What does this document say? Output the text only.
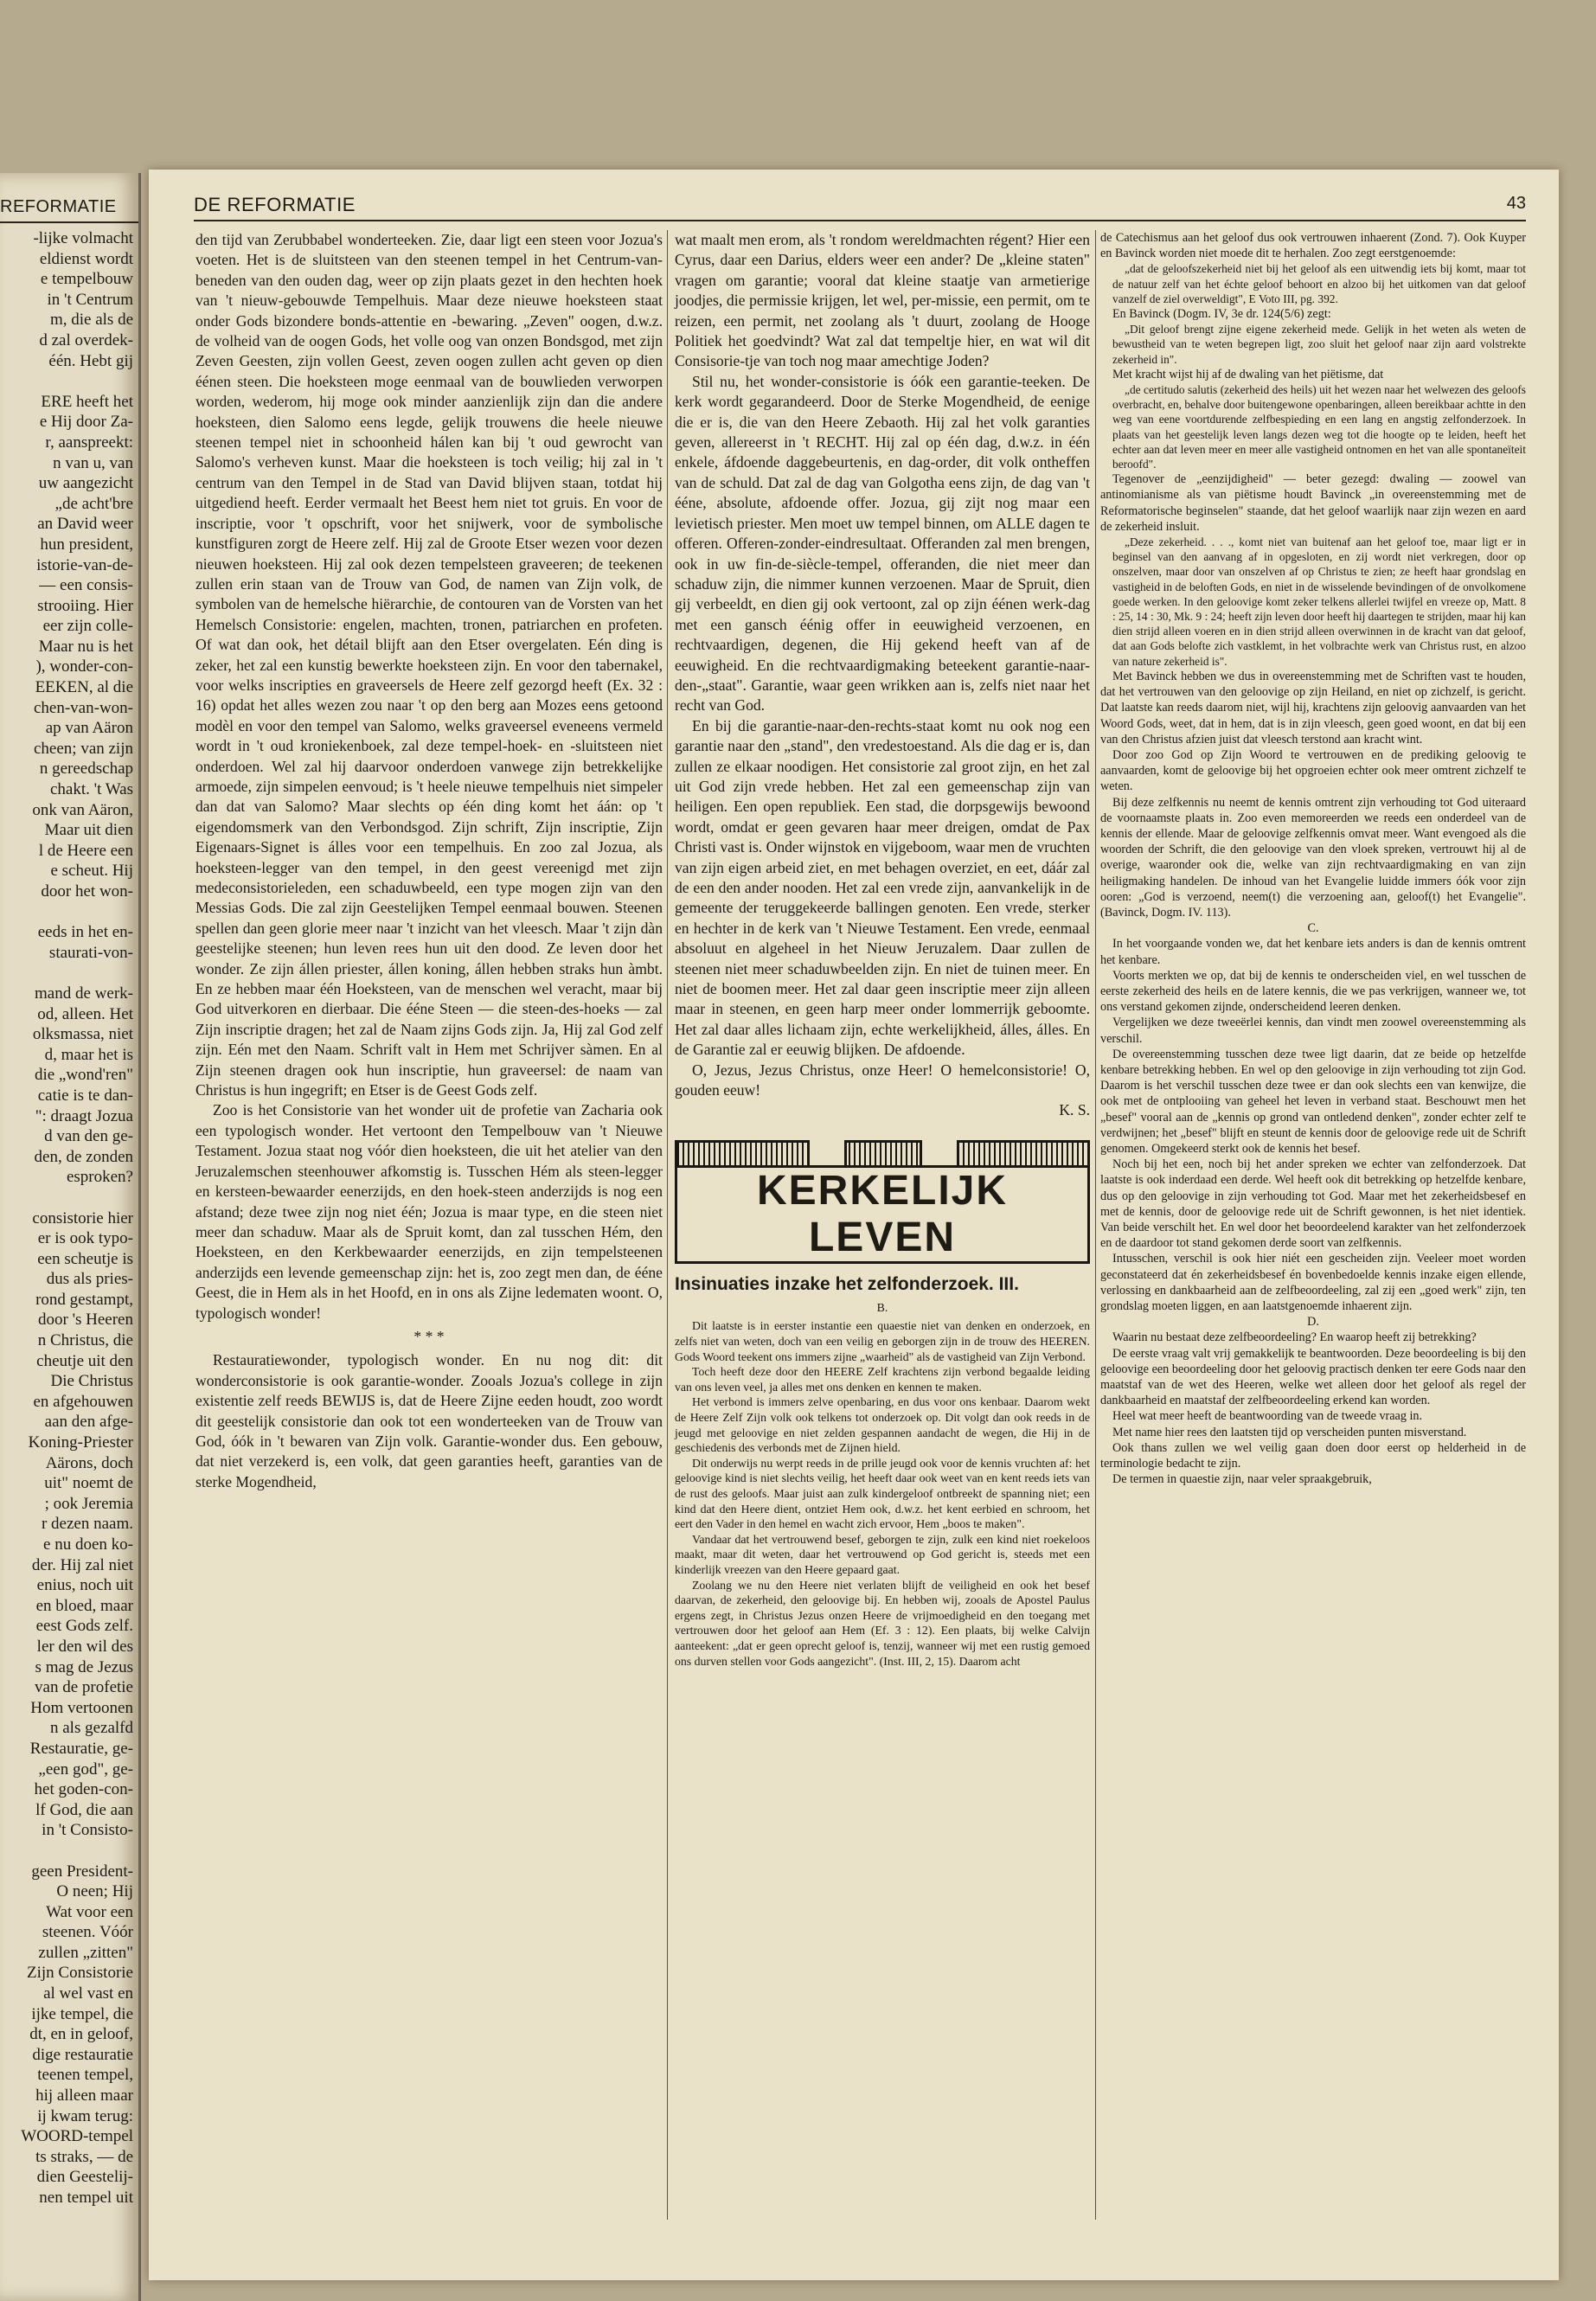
REFORMATIE
-lijke volmacht
eldienst wordt
e tempelbouw
in 't Centrum
m, die als de
d zal overdek-
één. Hebt gij
ERE heeft het
e Hij door Za-
r, aanspreekt:
n van u, van
uw aangezicht
„de acht'bre
an David weer
hun president,
istorie-van-de-
— een consis-
strooiing. Hier
eer zijn colle-
Maar nu is het
), wonder-con-
EEKEN, al die
chen-van-won-
ap van Aäron
cheen; van zijn
n gereedschap
chakt. 't Was
onk van Aäron,
Maar uit dien
l de Heere een
e scheut. Hij
door het won-
eeds in het en-
staurati-von-
mand de werk-
od, alleen. Het
olksmassa, niet
d, maar het is
die „wond'ren"
catie is te dan-
": draagt Jozua
d van den ge-
den, de zonden
esproken?
consistorie hier
er is ook typo-
een scheutje is
dus als pries-
rond gestampt,
door 's Heeren
n Christus, die
cheutje uit den
Die Christus
en afgehouwen
aan den afge-
Koning-Priester
Aärons, doch
uit" noemt de
; ook Jeremia
r dezen naam.
e nu doen ko-
der. Hij zal niet
enius, noch uit
en bloed, maar
eest Gods zelf.
ler den wil des
s mag de Jezus
van de profetie
Hom vertoonen
n als gezalfd
Restauratie, ge-
„een god", ge-
het goden-con-
lf God, die aan
in 't Consisto-
geen President-
O neen; Hij
Wat voor een
steenen. Vóór
zullen „zitten"
Zijn Consistorie
al wel vast en
ijke tempel, die
dt, en in geloof,
dige restauratie
teenen tempel,
hij alleen maar
ij kwam terug:
WOORD-tempel
ts straks, — de
dien Geestelij-
nen tempel uit
DE REFORMATIE	43

den tijd van Zerubbabel wonderteeken. Zie, daar ligt een steen voor Jozua's voeten. Het is de sluitsteen van den steenen tempel in het Centrum-van-beneden van den ouden dag, weer op zijn plaats gezet in den hechten hoek van 't nieuw-gebouwde Tempelhuis. Maar deze nieuwe hoeksteen staat onder Gods bizondere bonds-attentie en -bewaring. „Zeven" oogen, d.w.z. de volheid van de oogen Gods, het volle oog van onzen Bondsgod, met zijn Zeven Geesten, zijn vollen Geest, zeven oogen zullen acht geven op dien éénen steen. Die hoeksteen moge eenmaal van de bouwlieden verworpen worden, wederom, hij moge ook minder aanzienlijk zijn dan die andere hoeksteen, dien Salomo eens legde, gelijk trouwens die heele nieuwe steenen tempel niet in schoonheid hálen kan bij 't oud gewrocht van Salomo's verheven kunst. Maar die hoeksteen is toch veilig; hij zal in 't centrum van den Tempel in de Stad van David blijven staan, totdat hij uitgediend heeft. Eerder vermaalt het Beest hem niet tot gruis. En voor de inscriptie, voor 't opschrift, voor het snijwerk, voor de symbolische kunstfiguren zorgt de Heere zelf. Hij zal de Groote Etser wezen voor dezen nieuwen hoeksteen. Hij zal ook dezen tempelsteen graveeren; de teekenen zullen erin staan van de Trouw van God, de namen van Zijn volk, de symbolen van de hemelsche hiërarchie, de contouren van de Vorsten van het Hemelsch Consistorie: engelen, machten, tronen, patriarchen en profeten. Of wat dan ook, het détail blijft aan den Etser overgelaten. Eén ding is zeker, het zal een kunstig bewerkte hoeksteen zijn. En voor den tabernakel, voor welks inscripties en graveersels de Heere zelf gezorgd heeft (Ex. 32 : 16) opdat het alles wezen zou naar 't op den berg aan Mozes eens getoond modèl en voor den tempel van Salomo, welks graveersel eveneens vermeld wordt in 't oud kroniekenboek, zal deze tempel-hoek- en -sluitsteen niet onderdoen. Wel zal hij daarvoor onderdoen vanwege zijn betrekkelijke armoede, zijn simpelen eenvoud; is 't heele nieuwe tempelhuis niet simpeler dan dat van Salomo? Maar slechts op één ding komt het áán: op 't eigendomsmerk van den Verbondsgod. Zijn schrift, Zijn inscriptie, Zijn Eigenaars-Signet is álles voor een tempelhuis. En zoo zal Jozua, als hoeksteen-legger van den tempel, in den geest vereenigd met zijn medeconsistorieleden, een schaduwbeeld, een type mogen zijn van den Messias Gods. Die zal zijn Geestelijken Tempel eenmaal bouwen. Steenen spellen dan geen glorie meer naar 't inzicht van het vleesch. Maar 't zijn dàn geestelijke steenen; hun leven rees hun uit den dood. Ze leven door het wonder. Ze zijn állen priester, állen koning, állen hebben straks hun àmbt. En ze hebben maar één Hoeksteen, van de menschen wel veracht, maar bij God uitverkoren en dierbaar. Die ééne Steen — die steen-des-hoeks — zal Zijn inscriptie dragen; het zal de Naam zijns Gods zijn. Ja, Hij zal God zelf zijn. Eén met den Naam. Schrift valt in Hem met Schrijver sàmen. En al Zijn steenen dragen ook hun inscriptie, hun graveersel: de naam van Christus is hun ingegrift; en Etser is de Geest Gods zelf.

Zoo is het Consistorie van het wonder uit de profetie van Zacharia ook een typologisch wonder. Het vertoont den Tempelbouw van 't Nieuwe Testament. Jozua staat nog vóór dien hoeksteen, die uit het atelier van den Jeruzalemschen steenhouwer afkomstig is. Tusschen Hém als steen-legger en kersteen-bewaarder eenerzijds, en den hoek-steen anderzijds is nog een afstand; deze twee zijn nog niet één; Jozua is maar type, en die steen niet meer dan schaduw. Maar als de Spruit komt, dan zal tusschen Hém, den Hoeksteen, en den Kerkbewaarder eenerzijds, en zijn tempelsteenen anderzijds een levende gemeenschap zijn: het is, zoo zegt men dan, de ééne Geest, die in Hem als in het Hoofd, en in ons als Zijne ledematen woont. O, typologisch wonder!

* * *

Restauratiewonder, typologisch wonder. En nu nog dit: dit wonderconsistorie is ook garantie-wonder. Zooals Jozua's college in zijn existentie zelf reeds BEWIJS is, dat de Heere Zijne eeden houdt, zoo wordt dit geestelijk consistorie dan ook tot een wonderteeken van de Trouw van God, óók in 't bewaren van Zijn volk. Garantie-wonder dus. Een gebouw, dat niet verzekerd is, een volk, dat geen garanties heeft, garanties van de sterke Mogendheid,

wat maalt men erom, als 't rondom wereldmachten régent? Hier een Cyrus, daar een Darius, elders weer een ander? De „kleine staten" vragen om garantie; vooral dat kleine staatje van armetierige joodjes, die permissie krijgen, let wel, per-missie, een permit, om te reizen, een permit, net zoolang als 't duurt, zoolang de Hooge Politiek het goedvindt? Wat zal dat tempeltje hier, en wat wil dit Consisorie-tje van toch nog maar amechtige Joden?

Stil nu, het wonder-consistorie is óók een garantie-teeken. De kerk wordt gegarandeerd. Door de Sterke Mogendheid, de eenige die er is, die van den Heere Zebaoth. Hij zal het volk garanties geven, allereerst in 't RECHT. Hij zal op één dag, d.w.z. in één enkele, áfdoende daggebeurtenis, en dag-order, dit volk ontheffen van de schuld. Dat zal de dag van Golgotha eens zijn, de dag van 't ééne, absolute, afdoende offer. Jozua, gij zijt nog maar een levietisch priester. Men moet uw tempel binnen, om ALLE dagen te offeren. Offeren-zonder-eindresultaat. Offeranden zal men brengen, ook in uw fin-de-siècle-tempel, offeranden, die niet meer dan schaduw zijn, die nimmer kunnen verzoenen. Maar de Spruit, dien gij verbeeldt, en dien gij ook vertoont, zal op zijn éénen werk-dag met een gansch éénig offer in eeuwigheid verzoenen, en rechtvaardigen, degenen, die Hij gekend heeft van af de eeuwigheid. En die rechtvaardigmaking beteekent garantie-naar-den-„staat". Garantie, waar geen wrikken aan is, zelfs niet naar het recht van God.

En bij die garantie-naar-den-rechts-staat komt nu ook nog een garantie naar den „stand", den vredestoestand. Als die dag er is, dan zullen ze elkaar noodigen. Het consistorie zal groot zijn, en het zal uit God zijn vrede hebben. Het zal een gemeenschap zijn van heiligen. Een open republiek. Een stad, die dorpsgewijs bewoond wordt, omdat er geen gevaren haar meer dreigen, omdat de Pax Christi vast is. Onder wijnstok en vijgeboom, waar men de vruchten van zijn eigen arbeid ziet, en met behagen overziet, en eet, dáár zal de een den ander nooden. Het zal een vrede zijn, aanvankelijk in de gemeente der teruggekeerde ballingen genoten. Een vrede, sterker en hechter in de kerk van 't Nieuwe Testament. Een vrede, eenmaal absoluut en algeheel in het Nieuw Jeruzalem. Daar zullen de steenen niet meer schaduwbeelden zijn. En niet de tuinen meer. En niet de boomen meer. Het zal daar geen inscriptie meer zijn alleen maar in steenen, en geen harp meer onder lommerrijk geboomte. Het zal daar alles lichaam zijn, echte werkelijkheid, álles, álles. En de Garantie zal er eeuwig blijken. De afdoende.

O, Jezus, Jezus Christus, onze Heer! O hemelconsistorie! O, gouden eeuw!

K. S.
KERKELIJK LEVEN

Insinuaties inzake het zelfonderzoek. III.

B.

Dit laatste is in eerster instantie een quaestie niet van denken en onderzoek, en zelfs niet van weten, doch van een veilig en geborgen zijn in de trouw des HEEREN. Gods Woord teekent ons immers zijne „waarheid" als de vastigheid van Zijn Verbond.

Toch heeft deze door den HEERE Zelf krachtens zijn verbond begaalde leiding van ons leven veel, ja alles met ons denken en kennen te maken.

Het verbond is immers zelve openbaring, en dus voor ons kenbaar. Daarom wekt de Heere Zelf Zijn volk ook telkens tot onderzoek op. Dit volgt dan ook reeds in de jeugd met geloovige en niet zelden gespannen aandacht de wegen, die Hij in de geschiedenis des verbonds met de Zijnen hield.

Dit onderwijs nu werpt reeds in de prille jeugd ook voor de kennis vruchten af: het geloovige kind is niet slechts veilig, het heeft daar ook weet van en kent reeds iets van de rust des geloofs. Maar juist aan zulk kindergeloof ontbreekt de spanning niet; een kind dat den Heere dient, ontziet Hem ook, d.w.z. het kent eerbied en schroom, het eert den Vader in den hemel en wacht zich ervoor, Hem „boos te maken".

Vandaar dat het vertrouwend besef, geborgen te zijn, zulk een kind niet roekeloos maakt, maar dit weten, daar het vertrouwend op God gericht is, steeds met een kinderlijk vreezen van den Heere gepaard gaat.

Zoolang we nu den Heere niet verlaten blijft de veiligheid en ook het besef daarvan, de zekerheid, den geloovige bij. En hebben wij, zooals de Apostel Paulus ergens zegt, in Christus Jezus onzen Heere de vrijmoedigheid en den toegang met vertrouwen door het geloof aan Hem (Ef. 3 : 12). Een plaats, bij welke Calvijn aanteekent: „dat er geen oprecht geloof is, tenzij, wanneer wij met een rustig gemoed ons durven stellen voor Gods aangezicht". (Inst. III, 2, 15). Daarom acht

de Catechismus aan het geloof dus ook vertrouwen inhaerent (Zond. 7). Ook Kuyper en Bavinck worden niet moede dit te herhalen. Zoo zegt eerstgenoemde:

„dat de geloofszekerheid niet bij het geloof als een uitwendig iets bij komt, maar tot de natuur zelf van het échte geloof behoort en alzoo bij het uitkomen van dat geloof vanzelf de ziel overweldigt", E Voto III, pg. 392.

En Bavinck (Dogm. IV, 3e dr. 124(5/6) zegt:

„Dit geloof brengt zijne eigene zekerheid mede. Gelijk in het weten als weten de bewustheid van te weten begrepen ligt, zoo sluit het geloof naar zijn aard volstrekte zekerheid in".

Met kracht wijst hij af de dwaling van het piëtisme, dat

„de certitudo salutis (zekerheid des heils) uit het wezen naar het welwezen des geloofs overbracht, en, behalve door buitengewone openbaringen, alleen bereikbaar achtte in den weg van eene voortdurende zelfbespieding en een lang en angstig zelfonderzoek. In plaats van het geestelijk leven langs dezen weg tot die hoogte op te leiden, heeft het echter aan dat leven meer en meer alle vastigheid ontnomen en het van alle spontaneïteit beroofd".

Tegenover de „eenzijdigheid" — beter gezegd: dwaling — zoowel van antinomianisme als van piëtisme houdt Bavinck „in overeenstemming met de Reformatorische beginselen" staande, dat het geloof waarlijk naar zijn wezen en aard de zekerheid insluit.

„Deze zekerheid. . . ., komt niet van buitenaf aan het geloof toe, maar ligt er in beginsel van den aanvang af in opgesloten, en zij wordt niet verkregen, door op onszelven, maar door van onszelven af op Christus te zien; ze heeft haar grondslag en vastigheid in de beloften Gods, en niet in de wisselende bevindingen of de onvolkomene goede werken. In den geloovige komt zeker telkens allerlei twijfel en vreeze op, Matt. 8 : 25, 14 : 30, Mk. 9 : 24; heeft zijn leven door heeft hij daartegen te strijden, maar hij kan dien strijd alleen voeren en in dien strijd alleen overwinnen in de kracht van dat geloof, dat aan Gods belofte zich vastklemt, in het volbrachte werk van Christus rust, en alzoo van nature zekerheid is".

Met Bavinck hebben we dus in overeenstemming met de Schriften vast te houden, dat het vertrouwen van den geloovige op zijn Heiland, en niet op zichzelf, is gericht. Dat laatste kan reeds daarom niet, wijl hij, krachtens zijn geloovig aanvaarden van het Woord Gods, weet, dat in hem, dat is in zijn vleesch, geen goed woont, en dat bij een van den Christus afzien juist dat vleesch terstond aan kracht wint.

Door zoo God op Zijn Woord te vertrouwen en de prediking geloovig te aanvaarden, komt de geloovige bij het opgroeien echter ook meer omtrent zichzelf te weten.

Bij deze zelfkennis nu neemt de kennis omtrent zijn verhouding tot God uiteraard de voornaamste plaats in. Zoo even memoreerden we reeds een onderdeel van de kennis der ellende. Maar de geloovige zelfkennis omvat meer. Want evengoed als die woorden der Schrift, die den geloovige van den vloek spreken, vertrouwt hij al de overige, waaronder ook die, welke van zijn rechtvaardigmaking en van zijn heiligmaking handelen. De inhoud van het Evangelie luidde immers óók voor zijn ooren: „God is verzoend, neem(t) die verzoening aan, geloof(t) het Evangelie". (Bavinck, Dogm. IV. 113).

C.

In het voorgaande vonden we, dat het kenbare iets anders is dan de kennis omtrent het kenbare.

Voorts merkten we op, dat bij de kennis te onderscheiden viel, en wel tusschen de eerste zekerheid des heils en de latere kennis, die we pas verkrijgen, wanneer we, tot ons verstand gekomen zijnde, onderscheidend leeren denken.

Vergelijken we deze tweeërlei kennis, dan vindt men zoowel overeenstemming als verschil.

De overeenstemming tusschen deze twee ligt daarin, dat ze beide op hetzelfde kenbare betrekking hebben. En wel op den geloovige in zijn verhouding tot zijn God. Daarom is het verschil tusschen deze twee er dan ook slechts een van kenwijze, die ook met de ontplooiing van geheel het leven in verband staat. Beschouwt men het „besef" vooral aan de „kennis op grond van ontledend denken", zonder echter zelf te verdwijnen; het „besef" blijft en steunt de kennis door de geloovige rede uit de Schrift genomen. Omgekeerd sterkt ook de kennis het besef.

Noch bij het een, noch bij het ander spreken we echter van zelfonderzoek. Dat laatste is ook inderdaad een derde. Wel heeft ook dit betrekking op hetzelfde kenbare, dus op den geloovige in zijn verhouding tot God. Maar met het zekerheidsbesef en met de kennis, door de geloovige rede uit de Schrift gewonnen, is het niet identiek. Van beide verschilt het. En wel door het beoordeelend karakter van het zelfonderzoek en de daardoor tot stand gekomen derde soort van zelfkennis.

Intusschen, verschil is ook hier niét een gescheiden zijn. Veeleer moet worden geconstateerd dat én zekerheidsbesef én bovenbedoelde kennis inzake eigen ellende, verlossing en dankbaarheid aan de zelfbeoordeeling, zal zij een „goed werk" zijn, ten grondslag moeten liggen, en aan laatstgenoemde inhaerent zijn.

D.

Waarin nu bestaat deze zelfbeoordeeling? En waarop heeft zij betrekking?

De eerste vraag valt vrij gemakkelijk te beantwoorden. Deze beoordeeling is bij den geloovige een beoordeeling door het geloovig practisch denken ter eere Gods naar den maatstaf van de wet des Heeren, welke wet alleen door het geloof als regel der dankbaarheid en maatstaf der zelfbeoordeeling erkend kan worden.

Heel wat meer heeft de beantwoording van de tweede vraag in.

Met name hier rees den laatsten tijd op verscheiden punten misverstand.

Ook thans zullen we wel veilig gaan doen door eerst op helderheid in de terminologie bedacht te zijn.

De termen in quaestie zijn, naar veler spraakgebruik,
